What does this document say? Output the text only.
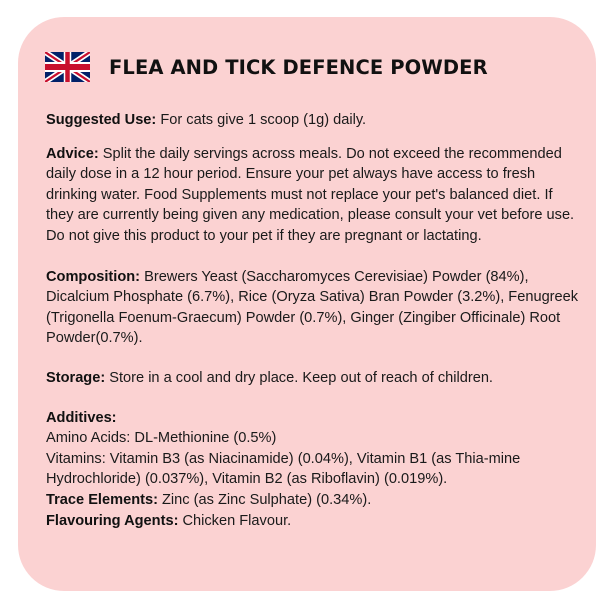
FLEA AND TICK DEFENCE POWDER

Suggested Use: For cats give 1 scoop (1g) daily.

Advice: Split the daily servings across meals. Do not exceed the recommended daily dose in a 12 hour period. Ensure your pet always have access to fresh drinking water. Food Supplements must not replace your pet's balanced diet. If they are currently being given any medication, please consult your vet before use. Do not give this product to your pet if they are pregnant or lactating.

Composition: Brewers Yeast (Saccharomyces Cerevisiae) Powder (84%), Dicalcium Phosphate (6.7%), Rice (Oryza Sativa) Bran Powder (3.2%), Fenugreek (Trigonella Foenum-Graecum) Powder (0.7%), Ginger (Zingiber Officinale) Root Powder(0.7%).

Storage: Store in a cool and dry place. Keep out of reach of children.

Additives:

Amino Acids: DL-Methionine (0.5%)

Vitamins: Vitamin B3 (as Niacinamide) (0.04%), Vitamin B1 (as Thia-mine Hydrochloride) (0.037%), Vitamin B2 (as Riboflavin) (0.019%).

Trace Elements: Zinc (as Zinc Sulphate) (0.34%).

Flavouring Agents: Chicken Flavour.
